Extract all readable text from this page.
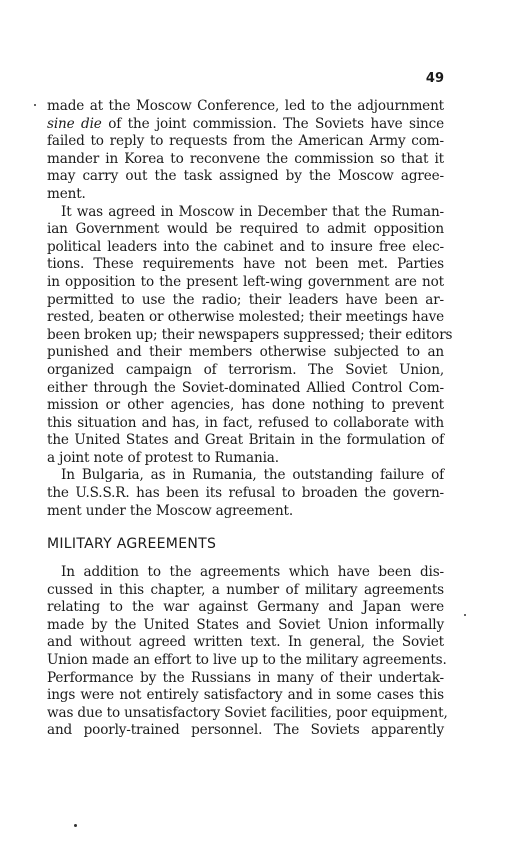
49
made at the Moscow Conference, led to the adjournment
sine die of the joint commission. The Soviets have since
failed to reply to requests from the American Army com-
mander in Korea to reconvene the commission so that it
may carry out the task assigned by the Moscow agree-
ment.
It was agreed in Moscow in December that the Ruman-
ian Government would be required to admit opposition
political leaders into the cabinet and to insure free elec-
tions. These requirements have not been met. Parties
in opposition to the present left-wing government are not
permitted to use the radio; their leaders have been ar-
rested, beaten or otherwise molested; their meetings have
been broken up; their newspapers suppressed; their editors
punished and their members otherwise subjected to an
organized campaign of terrorism. The Soviet Union,
either through the Soviet-dominated Allied Control Com-
mission or other agencies, has done nothing to prevent
this situation and has, in fact, refused to collaborate with
the United States and Great Britain in the formulation of
a joint note of protest to Rumania.
In Bulgaria, as in Rumania, the outstanding failure of
the U.S.S.R. has been its refusal to broaden the govern-
ment under the Moscow agreement.
MILITARY AGREEMENTS
In addition to the agreements which have been dis-
cussed in this chapter, a number of military agreements
relating to the war against Germany and Japan were
made by the United States and Soviet Union informally
and without agreed written text. In general, the Soviet
Union made an effort to live up to the military agreements.
Performance by the Russians in many of their undertak-
ings were not entirely satisfactory and in some cases this
was due to unsatisfactory Soviet facilities, poor equipment,
and poorly-trained personnel. The Soviets apparently
